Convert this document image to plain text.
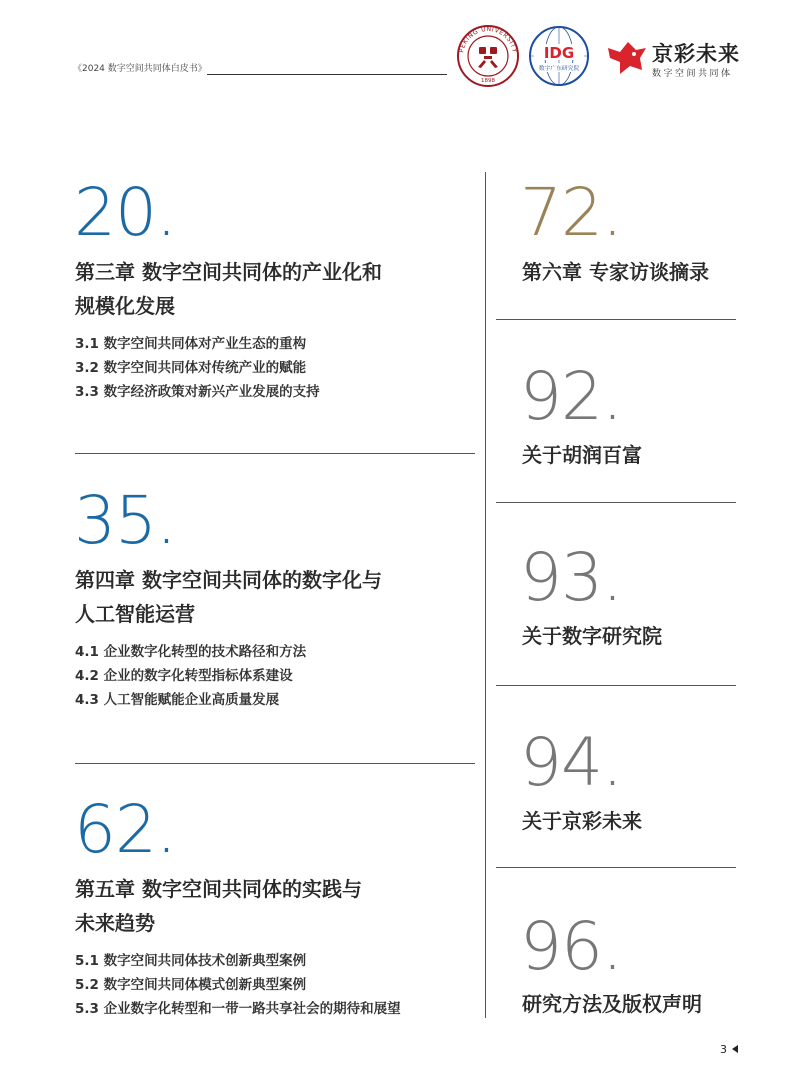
《2024 数字空间共同体白皮书》
PEKING UNIVERSITY
1898
IDG
数字广东研究院
京彩未来
数字空间共同体
20.
第三章 数字空间共同体的产业化和
规模化发展
3.1 数字空间共同体对产业生态的重构
3.2 数字空间共同体对传统产业的赋能
3.3 数字经济政策对新兴产业发展的支持
35.
第四章 数字空间共同体的数字化与
人工智能运营
4.1 企业数字化转型的技术路径和方法
4.2 企业的数字化转型指标体系建设
4.3 人工智能赋能企业高质量发展
62.
第五章 数字空间共同体的实践与
未来趋势
5.1 数字空间共同体技术创新典型案例
5.2 数字空间共同体模式创新典型案例
5.3 企业数字化转型和一带一路共享社会的期待和展望
72.
第六章 专家访谈摘录
92.
关于胡润百富
93.
关于数字研究院
94.
关于京彩未来
96.
研究方法及版权声明
3
